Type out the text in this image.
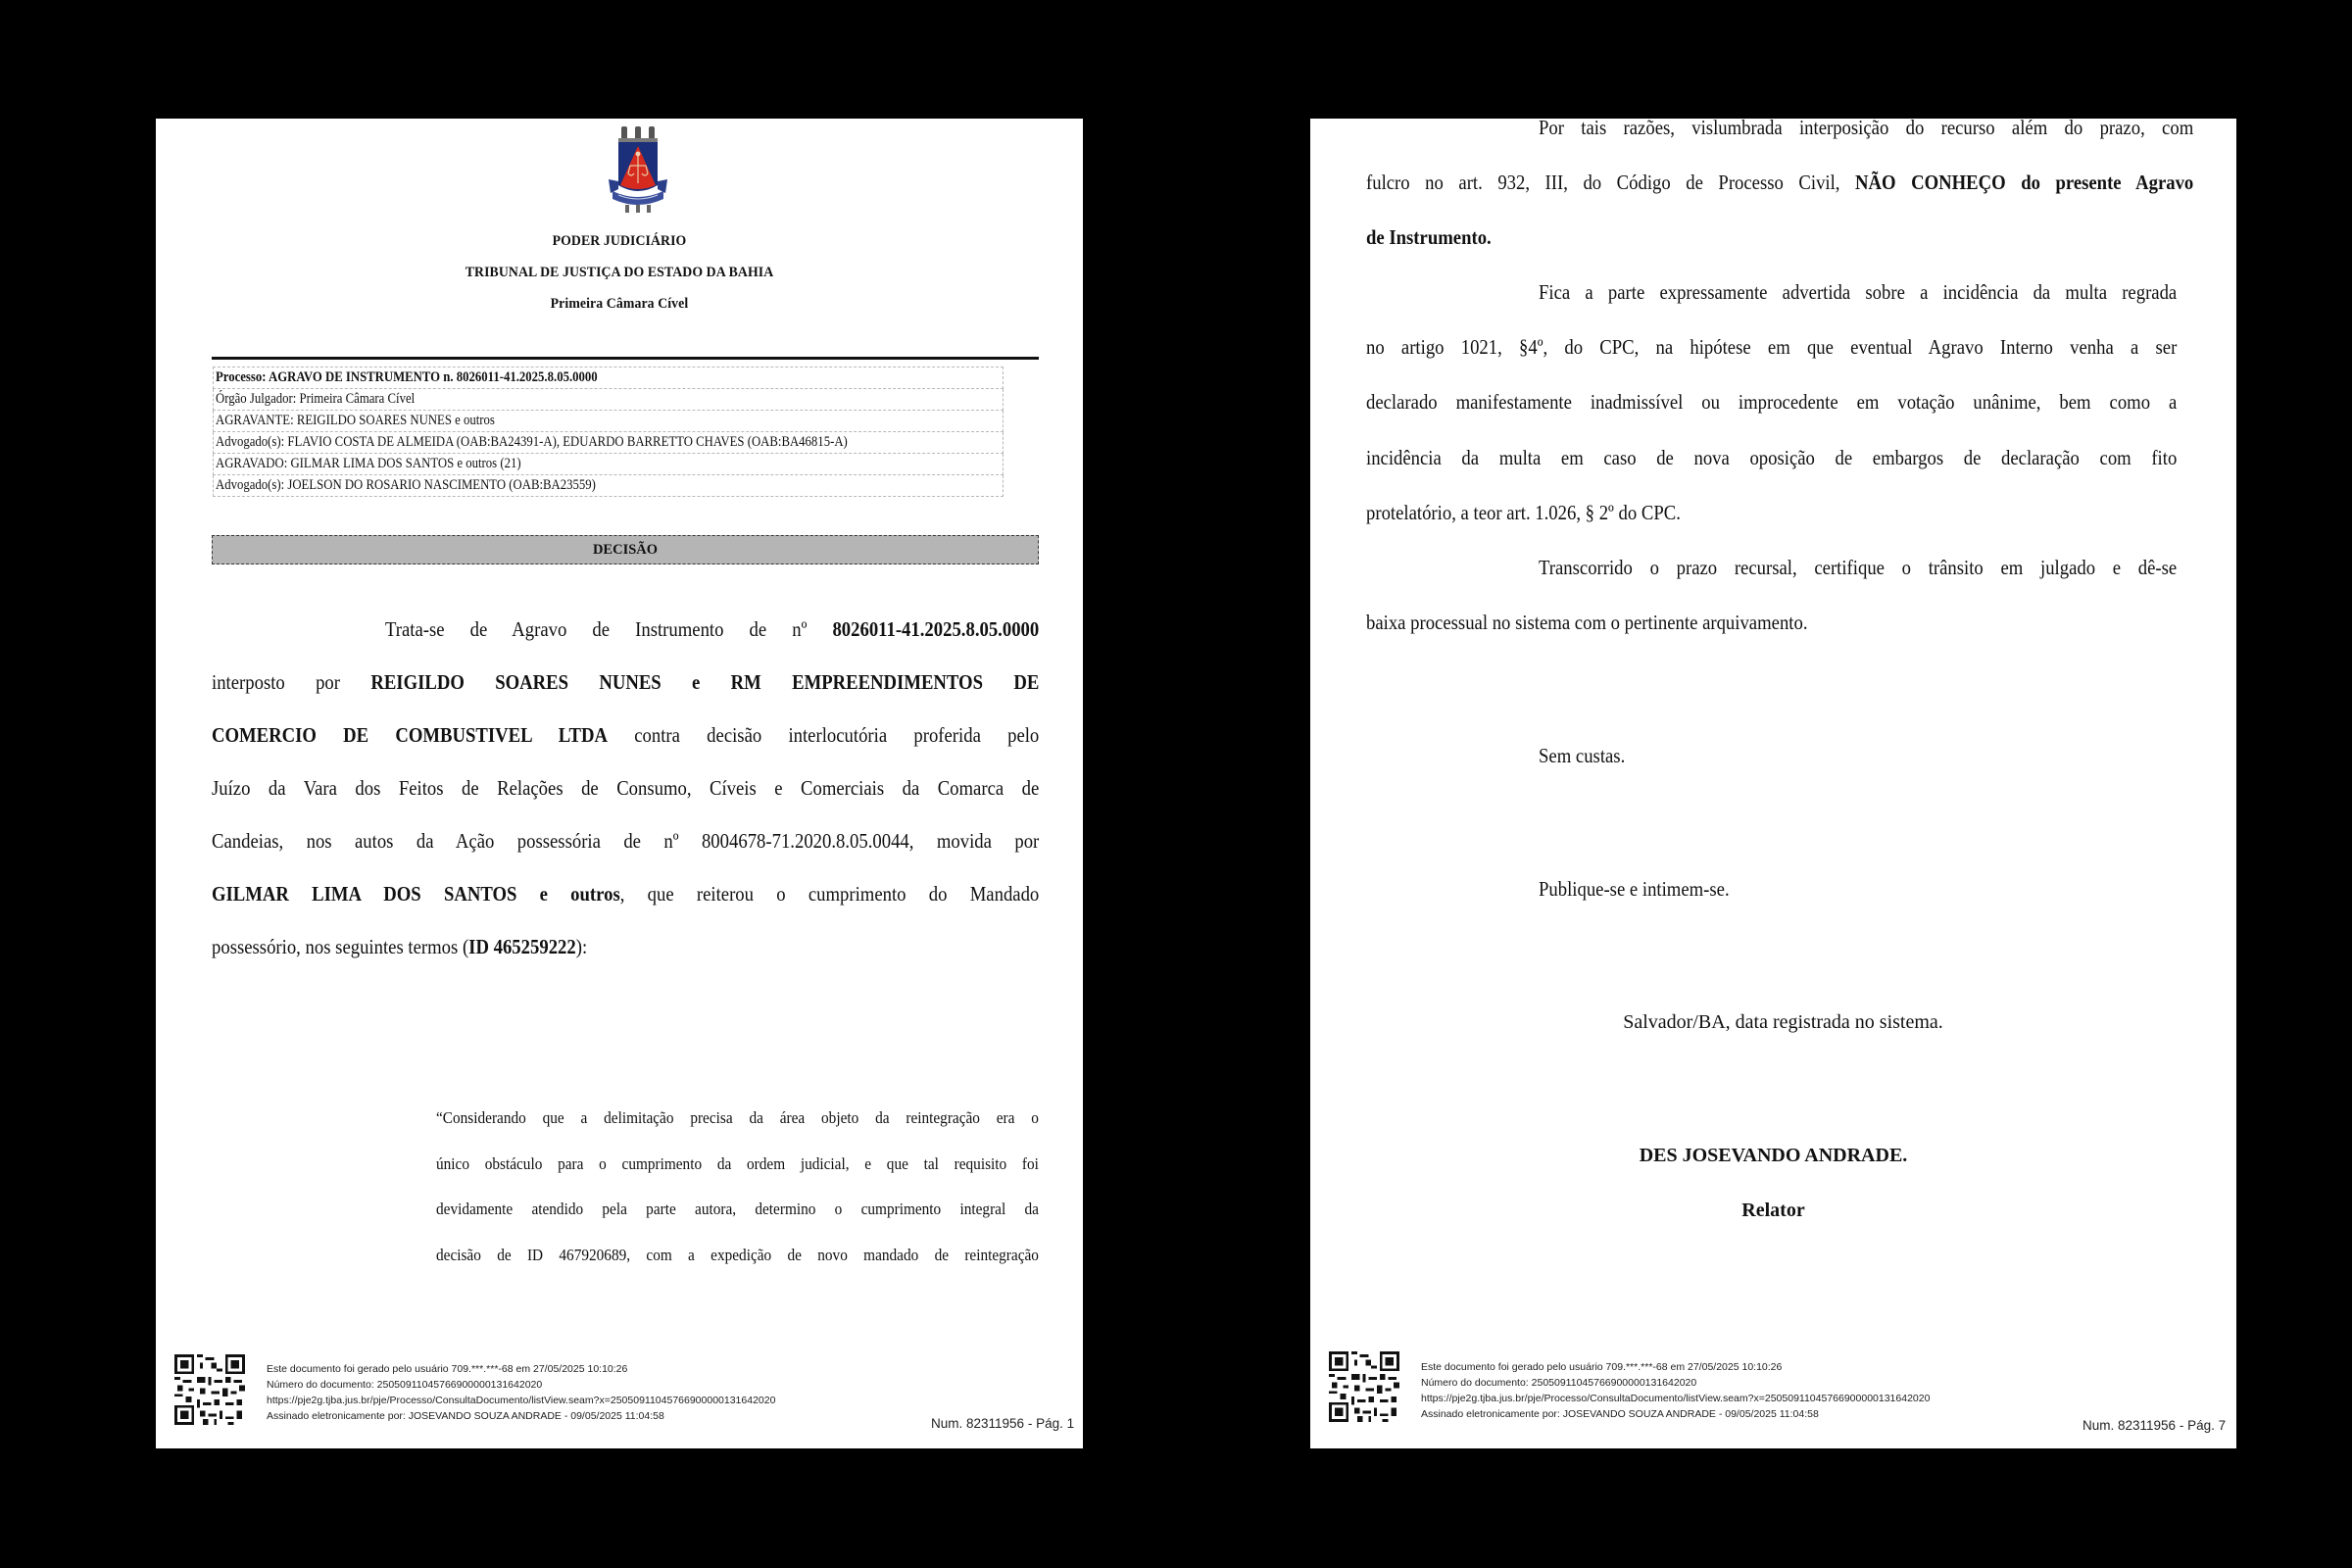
PODER JUDICIÁRIO
TRIBUNAL DE JUSTIÇA DO ESTADO DA BAHIA
Primeira Câmara Cível
Processo: AGRAVO DE INSTRUMENTO n. 8026011-41.2025.8.05.0000
Órgão Julgador: Primeira Câmara Cível
AGRAVANTE: REIGILDO SOARES NUNES e outros
Advogado(s): FLAVIO COSTA DE ALMEIDA (OAB:BA24391-A), EDUARDO BARRETTO CHAVES (OAB:BA46815-A)
AGRAVADO: GILMAR LIMA DOS SANTOS e outros (21)
Advogado(s): JOELSON DO ROSARIO NASCIMENTO (OAB:BA23559)
DECISÃO
Trata-se de Agravo de Instrumento de nº 8026011-41.2025.8.05.0000
interposto por REIGILDO SOARES NUNES e RM EMPREENDIMENTOS DE
COMERCIO DE COMBUSTIVEL LTDA contra decisão interlocutória proferida pelo
Juízo da Vara dos Feitos de Relações de Consumo, Cíveis e Comerciais da Comarca de
Candeias, nos autos da Ação possessória de nº 8004678-71.2020.8.05.0044, movida por
GILMAR LIMA DOS SANTOS e outros, que reiterou o cumprimento do Mandado
possessório, nos seguintes termos (ID 465259222):
“Considerando que a delimitação precisa da área objeto da reintegração era o
único obstáculo para o cumprimento da ordem judicial, e que tal requisito foi
devidamente atendido pela parte autora, determino o cumprimento integral da
decisão de ID 467920689, com a expedição de novo mandado de reintegração
Este documento foi gerado pelo usuário 709.***.***-68 em 27/05/2025 10:10:26
Número do documento: 25050911045766900000131642020
https://pje2g.tjba.jus.br/pje/Processo/ConsultaDocumento/listView.seam?x=25050911045766900000131642020
Assinado eletronicamente por: JOSEVANDO SOUZA ANDRADE - 09/05/2025 11:04:58	Num. 82311956 - Pág. 1
Por tais razões, vislumbrada interposição do recurso além do prazo, com
fulcro no art. 932, III, do Código de Processo Civil, NÃO CONHEÇO do presente Agravo
de Instrumento.
Fica a parte expressamente advertida sobre a incidência da multa regrada
no artigo 1021, §4º, do CPC, na hipótese em que eventual Agravo Interno venha a ser
declarado manifestamente inadmissível ou improcedente em votação unânime, bem como a
incidência da multa em caso de nova oposição de embargos de declaração com fito
protelatório, a teor art. 1.026, § 2º do CPC.
Transcorrido o prazo recursal, certifique o trânsito em julgado e dê-se
baixa processual no sistema com o pertinente arquivamento.
Sem custas.
Publique-se e intimem-se.
Salvador/BA, data registrada no sistema.
DES JOSEVANDO ANDRADE.
Relator
Este documento foi gerado pelo usuário 709.***.***-68 em 27/05/2025 10:10:26
Número do documento: 25050911045766900000131642020
https://pje2g.tjba.jus.br/pje/Processo/ConsultaDocumento/listView.seam?x=25050911045766900000131642020
Assinado eletronicamente por: JOSEVANDO SOUZA ANDRADE - 09/05/2025 11:04:58
Num. 82311956 - Pág. 7
